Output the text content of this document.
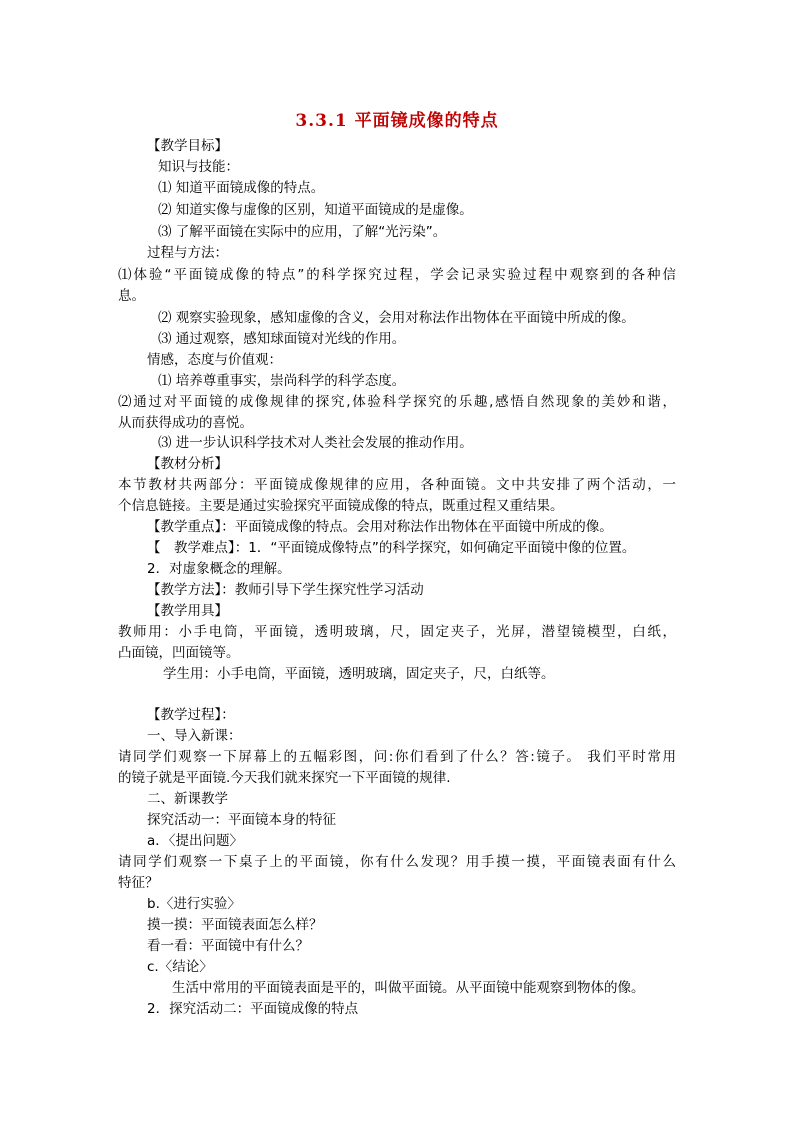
3.3.1 平面镜成像的特点
【教学目标】
知识与技能：
⑴ 知道平面镜成像的特点。
⑵ 知道实像与虚像的区别，知道平面镜成的是虚像。
⑶ 了解平面镜在实际中的应用，了解“光污染”。
过程与方法：
⑴体验“平面镜成像的特点”的科学探究过程，学会记录实验过程中观察到的各种信
息。
⑵ 观察实验现象，感知虚像的含义，会用对称法作出物体在平面镜中所成的像。
⑶ 通过观察，感知球面镜对光线的作用。
情感，态度与价值观：
⑴ 培养尊重事实，崇尚科学的科学态度。
⑵通过对平面镜的成像规律的探究,体验科学探究的乐趣,感悟自然现象的美妙和谐，
从而获得成功的喜悦。
⑶ 进一步认识科学技术对人类社会发展的推动作用。
【教材分析】
本节教材共两部分：平面镜成像规律的应用，各种面镜。文中共安排了两个活动，一
个信息链接。主要是通过实验探究平面镜成像的特点，既重过程又重结果。
【教学重点】：平面镜成像的特点。会用对称法作出物体在平面镜中所成的像。
【　教学难点】：1．“平面镜成像特点”的科学探究，如何确定平面镜中像的位置。
2．对虚象概念的理解。
【教学方法】：教师引导下学生探究性学习活动
【教学用具】
教师用：小手电筒，平面镜，透明玻璃，尺，固定夹子，光屏，潜望镜模型，白纸，
凸面镜，凹面镜等。
学生用：小手电筒，平面镜，透明玻璃，固定夹子，尺，白纸等。
【教学过程】：
一、导入新课：
请同学们观察一下屏幕上的五幅彩图，问:你们看到了什么？答:镜子。 我们平时常用
的镜子就是平面镜.今天我们就来探究一下平面镜的规律.
二、新课教学
探究活动一：平面镜本身的特征
a．〈提出问题〉
请同学们观察一下桌子上的平面镜，你有什么发现？用手摸一摸，平面镜表面有什么
特征？
b.〈进行实验〉
摸一摸：平面镜表面怎么样？
看一看：平面镜中有什么？
c.〈结论〉
生活中常用的平面镜表面是平的，叫做平面镜。从平面镜中能观察到物体的像。
2．探究活动二：平面镜成像的特点
